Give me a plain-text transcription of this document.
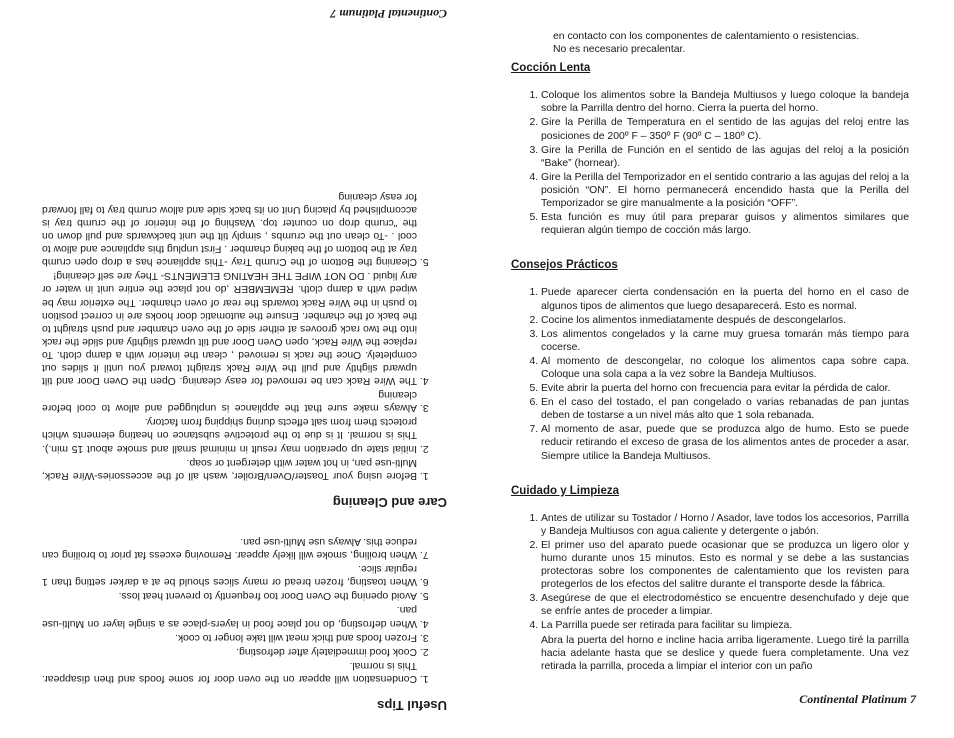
Useful Tips
1. Condensation will appear on the oven door for some foods and then disappear. This is normal.
2. Cook food immediately after defrosting.
3. Frozen foods and thick meat will take longer to cook.
4. When defrosting, do not place food in layers-place as a single layer on Multi-use pan.
5. Avoid opening the Oven Door too frequently to prevent heat loss.
6. When toasting, frozen bread or many slices should be at a darker setting than 1 regular slice.
7. When broiling, smoke will likely appear. Removing excess fat prior to broiling can reduce this. Always use Multi-use pan.
Care and Cleaning
1. Before using your Toaster/Oven/Broiler, wash all of the accessories-Wire Rack, Multi-use pan, in hot water with detergent or soap.
2. Initial state up operation may result in minimal small and smoke about 15 min.). This is normal. It is due to the protective substance on heating elements which protects them from salt effects during shipping from factory.
3. Always make sure that the appliance is unplugged and allow to cool before cleaning
4. The Wire Rack can be removed for easy cleaning. Open the Oven Door and tilt upward slightly and pull the Wire Rack straight toward you until it slides out completely. Once the rack is removed , clean the interior with a damp cloth. To replace the Wire Rack, open Oven Door and tilt upward slightly and slide the rack into the two rack grooves at either side of the oven chamber and push straight to the back of the chamber. Ensure the automatic door hooks are in correct position to push in the Wire Rack towards the rear of oven chamber. The exterior may be wiped with a damp cloth. REMEMBER ,do not place the entire unit in water or any liquid . DO NOT WIPE THE HEATING ELEMENTS- They are self cleaning!
5. Cleaning the Bottom of the Crumb Tray -This appliance has a drop open crumb tray at the bottom of the baking chamber . First unplug this appliance and allow to cool . -To clean out the crumbs , simply tilt the unit backwards and pull down on the "crumb drop on counter top. Washing of the interior of the crumb tray is accomplished by placing Unit on its back side and allow crumb tray to fall forward for easy cleaning
Continental Platinum 7
en contacto con los componentes de calentamiento o resistencias.
No es necesario precalentar.
Cocción Lenta
1. Coloque los alimentos sobre la Bandeja Multiusos y luego coloque la bandeja sobre la Parrilla dentro del horno. Cierra la puerta del horno.
2. Gire la Perilla de Temperatura en el sentido de las agujas del reloj entre las posiciones de 200º F – 350º F (90º C – 180º C).
3. Gire la Perilla de Función en el sentido de las agujas del reloj a la posición “Bake” (hornear).
4. Gire la Perilla del Temporizador en el sentido contrario a las agujas del reloj a la posición “ON”. El horno permanecerá encendido hasta que la Perilla del Temporizador se gire manualmente a la posición “OFF”.
5. Esta función es muy útil para preparar guisos y alimentos similares que requieran algún tiempo de cocción más largo.
Consejos Prácticos
1. Puede aparecer cierta condensación en la puerta del horno en el caso de algunos tipos de alimentos que luego desaparecerá. Esto es normal.
2. Cocine los alimentos inmediatamente después de descongelarlos.
3. Los alimentos congelados y la carne muy gruesa tomarán más tiempo para cocerse.
4. Al momento de descongelar, no coloque los alimentos capa sobre capa. Coloque una sola capa a la vez sobre la Bandeja Multiusos.
5. Evite abrir la puerta del horno con frecuencia para evitar la pérdida de calor.
6. En el caso del tostado, el pan congelado o varias rebanadas de pan juntas deben de tostarse a un nivel más alto que 1 sola rebanada.
7. Al momento de asar, puede que se produzca algo de humo. Esto se puede reducir retirando el exceso de grasa de los alimentos antes de proceder a asar. Siempre utilice la Bandeja Multiusos.
Cuidado y Limpieza
1. Antes de utilizar su Tostador / Horno / Asador, lave todos los accesorios, Parrilla y Bandeja Multiusos con agua caliente y detergente o jabón.
2. El primer uso del aparato puede ocasionar que se produzca un ligero olor y humo durante unos 15 minutos. Esto es normal y se debe a las sustancias protectoras sobre los componentes de calentamiento que los revisten para protegerlos de los efectos del salitre durante el transporte desde la fábrica.
3. Asegúrese de que el electrodoméstico se encuentre desenchufado y deje que se enfríe antes de proceder a limpiar.
4. La Parrilla puede ser retirada para facilitar su limpieza.
Abra la puerta del horno e incline hacia arriba ligeramente. Luego tiré la parrilla hacia adelante hasta que se deslice y quede fuera completamente. Una vez retirada la parrilla, proceda a limpiar el interior con un paño
Continental Platinum 7
